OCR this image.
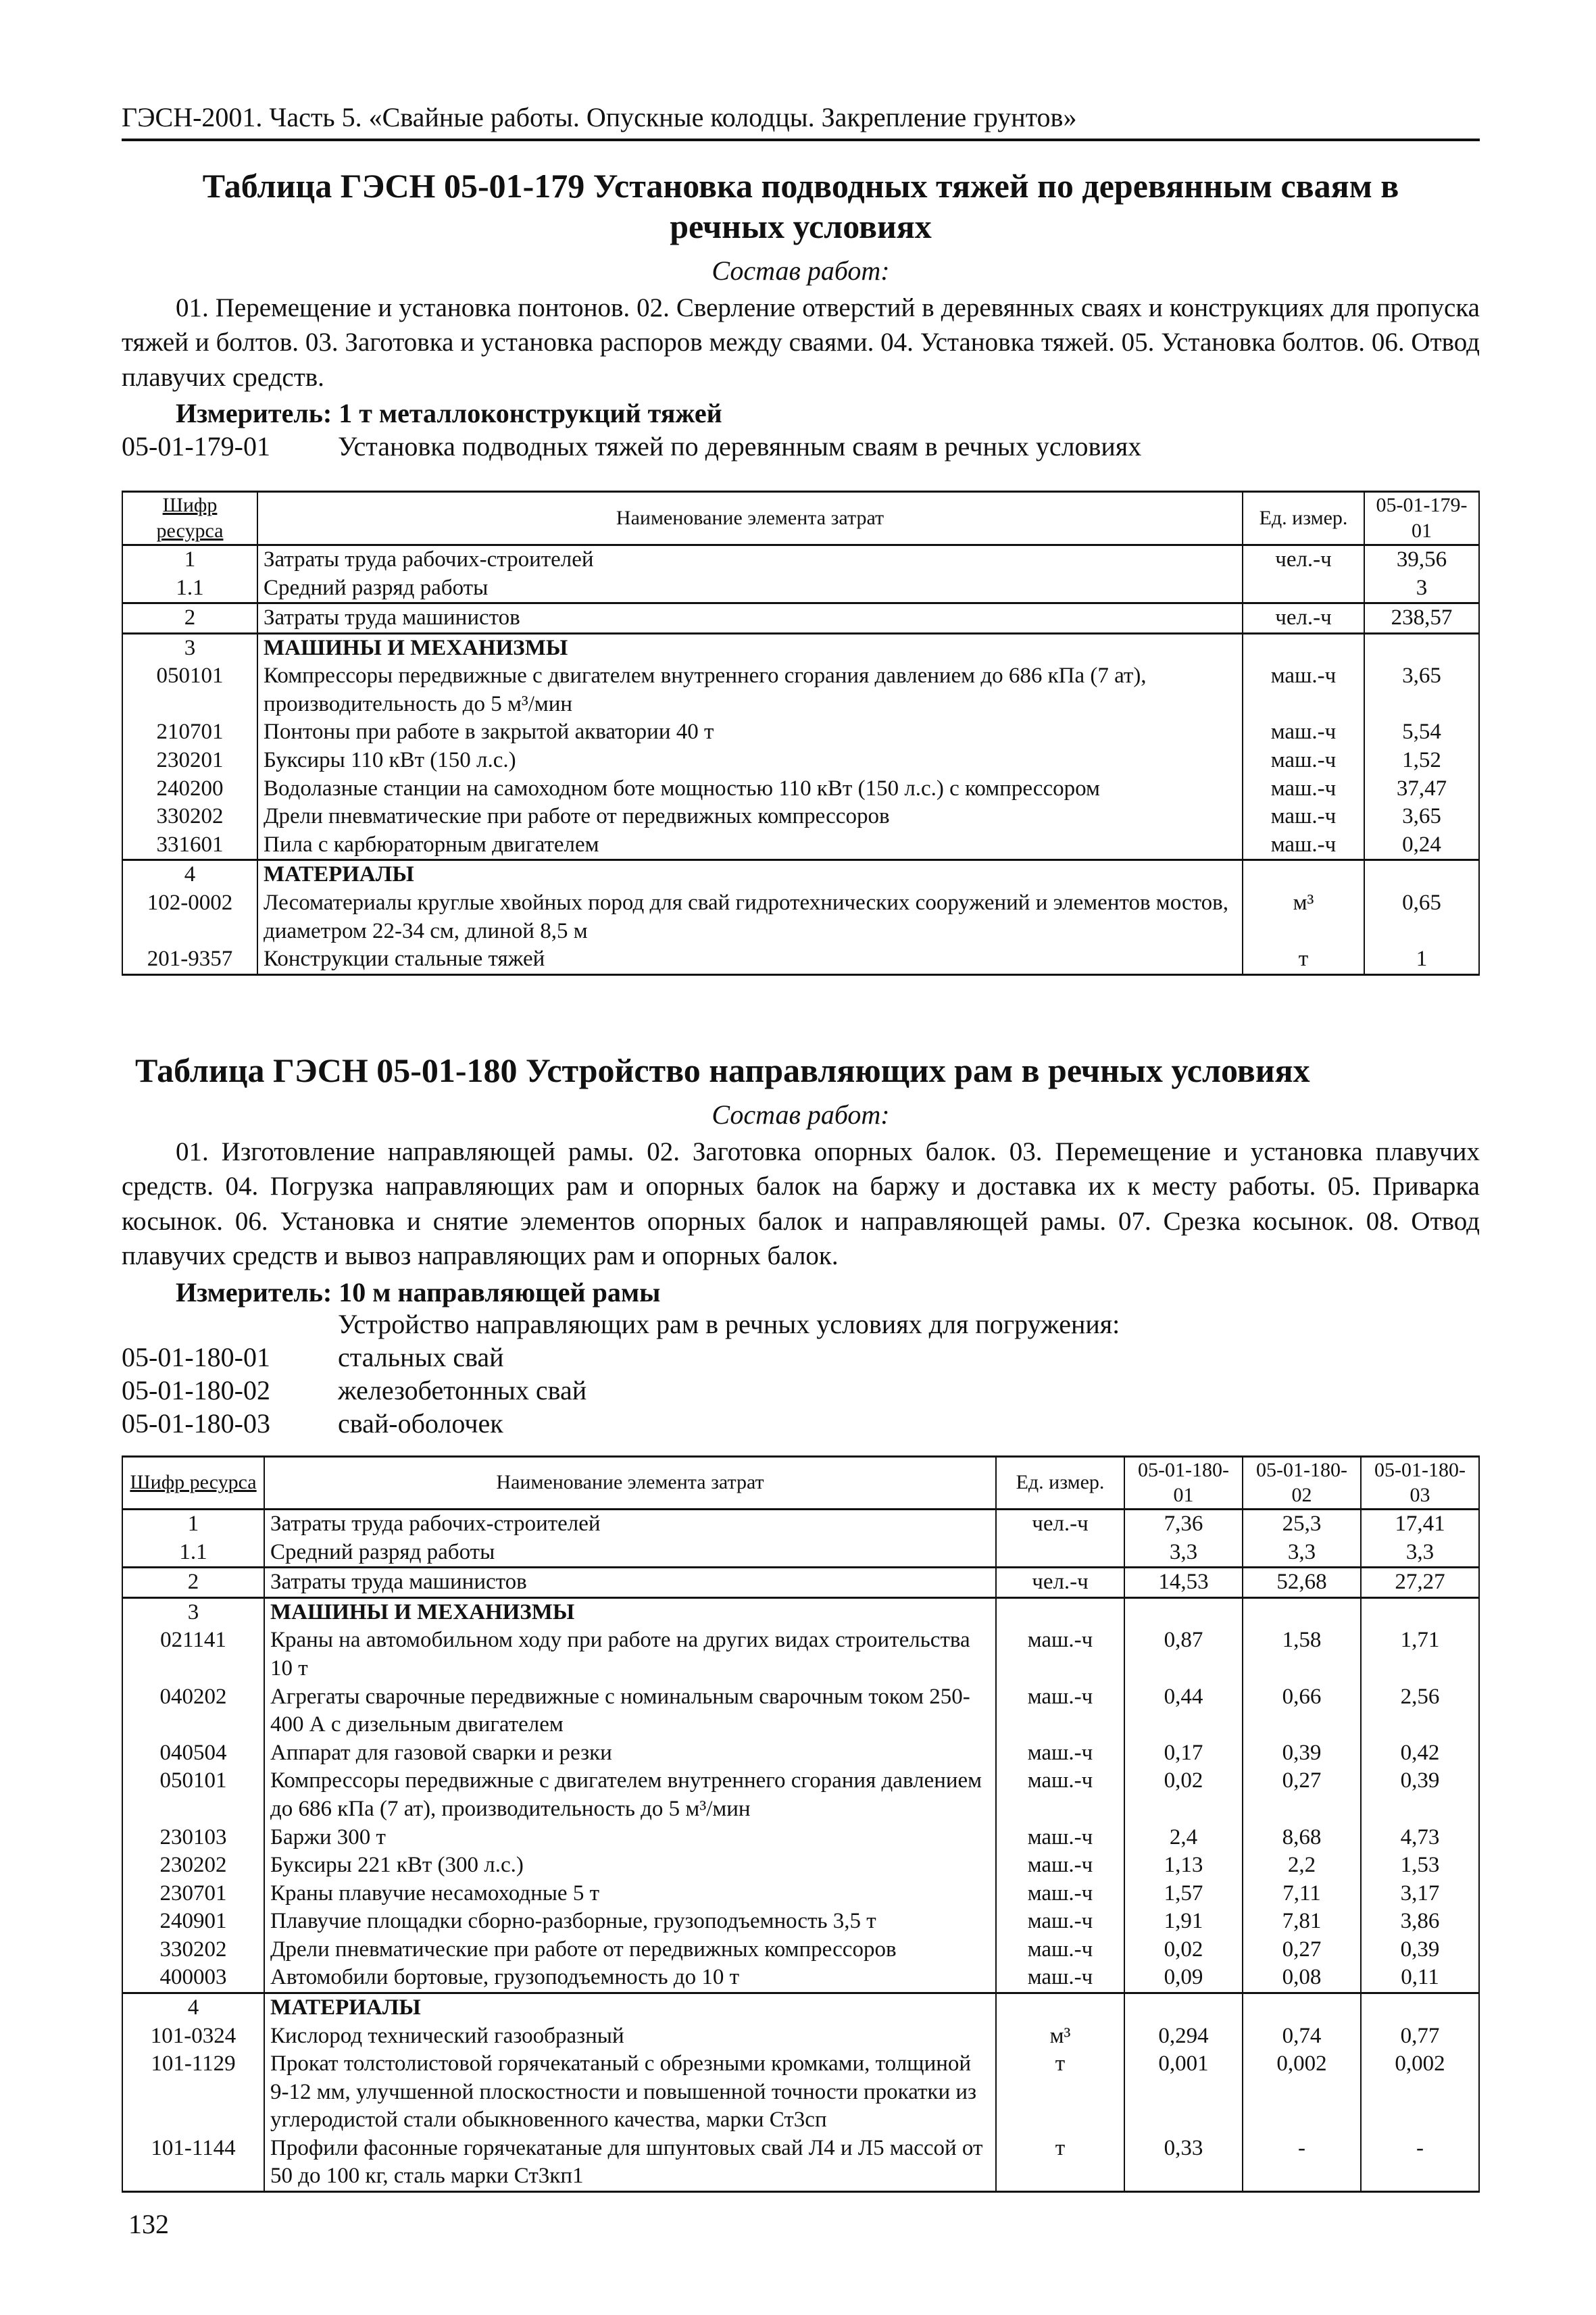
ГЭСН-2001. Часть 5. «Свайные работы. Опускные колодцы. Закрепление грунтов»
Таблица ГЭСН 05-01-179 Установка подводных тяжей по деревянным сваям в речных условиях
Состав работ:

01. Перемещение и установка понтонов. 02. Сверление отверстий в деревянных сваях и конструкциях для пропуска тяжей и болтов. 03. Заготовка и установка распоров между сваями. 04. Установка тяжей. 05. Установка болтов. 06. Отвод плавучих средств.

Измеритель: 1 т металлоконструкций тяжей
05-01-179-01	Установка подводных тяжей по деревянным сваям в речных условиях
Шифр ресурса	Наименование элемента затрат	Ед. измер.	05-01-179-01
1	Затраты труда рабочих-строителей	чел.-ч	39,56
1.1	Средний разряд работы		3
2	Затраты труда машинистов	чел.-ч	238,57
3	МАШИНЫ И МЕХАНИЗМЫ		
050101	Компрессоры передвижные с двигателем внутреннего сгорания давлением до 686 кПа (7 ат), производительность до 5 м³/мин	маш.-ч	3,65
210701	Понтоны при работе в закрытой акватории 40 т	маш.-ч	5,54
230201	Буксиры 110 кВт (150 л.с.)	маш.-ч	1,52
240200	Водолазные станции на самоходном боте мощностью 110 кВт (150 л.с.) с компрессором	маш.-ч	37,47
330202	Дрели пневматические при работе от передвижных компрессоров	маш.-ч	3,65
331601	Пила с карбюраторным двигателем	маш.-ч	0,24
4	МАТЕРИАЛЫ		
102-0002	Лесоматериалы круглые хвойных пород для свай гидротехнических сооружений и элементов мостов, диаметром 22-34 см, длиной 8,5 м	м³	0,65
201-9357	Конструкции стальные тяжей	т	1
Таблица ГЭСН 05-01-180 Устройство направляющих рам в речных условиях
Состав работ:

01. Изготовление направляющей рамы. 02. Заготовка опорных балок. 03. Перемещение и установка плавучих средств. 04. Погрузка направляющих рам и опорных балок на баржу и доставка их к месту работы. 05. Приварка косынок. 06. Установка и снятие элементов опорных балок и направляющей рамы. 07. Срезка косынок. 08. Отвод плавучих средств и вывоз направляющих рам и опорных балок.

Измеритель: 10 м направляющей рамы
Устройство направляющих рам в речных условиях для погружения:
05-01-180-01	стальных свай
05-01-180-02	железобетонных свай
05-01-180-03	свай-оболочек
Шифр ресурса	Наименование элемента затрат	Ед. измер.	05-01-180-01	05-01-180-02	05-01-180-03
1	Затраты труда рабочих-строителей	чел.-ч	7,36	25,3	17,41
1.1	Средний разряд работы		3,3	3,3	3,3
2	Затраты труда машинистов	чел.-ч	14,53	52,68	27,27
3	МАШИНЫ И МЕХАНИЗМЫ				
021141	Краны на автомобильном ходу при работе на других видах строительства 10 т	маш.-ч	0,87	1,58	1,71
040202	Агрегаты сварочные передвижные с номинальным сварочным током 250-400 А с дизельным двигателем	маш.-ч	0,44	0,66	2,56
040504	Аппарат для газовой сварки и резки	маш.-ч	0,17	0,39	0,42
050101	Компрессоры передвижные с двигателем внутреннего сгорания давлением до 686 кПа (7 ат), производительность до 5 м³/мин	маш.-ч	0,02	0,27	0,39
230103	Баржи 300 т	маш.-ч	2,4	8,68	4,73
230202	Буксиры 221 кВт (300 л.с.)	маш.-ч	1,13	2,2	1,53
230701	Краны плавучие несамоходные 5 т	маш.-ч	1,57	7,11	3,17
240901	Плавучие площадки сборно-разборные, грузоподъемность 3,5 т	маш.-ч	1,91	7,81	3,86
330202	Дрели пневматические при работе от передвижных компрессоров	маш.-ч	0,02	0,27	0,39
400003	Автомобили бортовые, грузоподъемность до 10 т	маш.-ч	0,09	0,08	0,11
4	МАТЕРИАЛЫ				
101-0324	Кислород технический газообразный	м³	0,294	0,74	0,77
101-1129	Прокат толстолистовой горячекатаный с обрезными кромками, толщиной 9-12 мм, улучшенной плоскостности и повышенной точности прокатки из углеродистой стали обыкновенного качества, марки Ст3сп	т	0,001	0,002	0,002
101-1144	Профили фасонные горячекатаные для шпунтовых свай Л4 и Л5 массой от 50 до 100 кг, сталь марки Ст3кп1	т	0,33	-	-
132
